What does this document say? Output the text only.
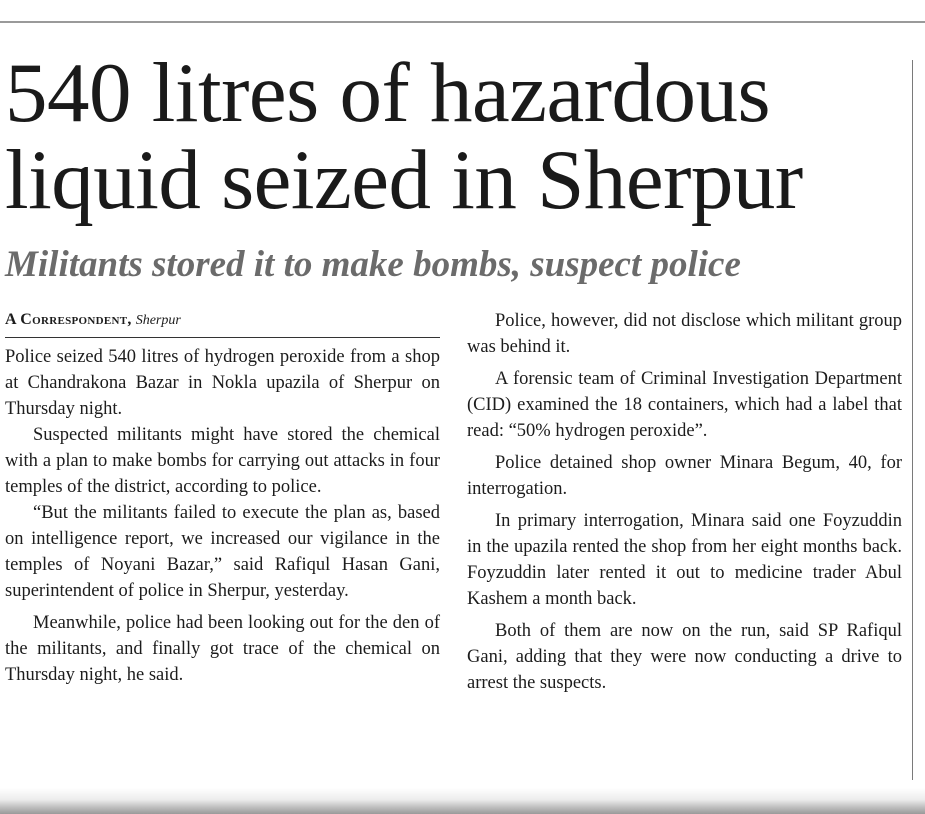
540 litres of hazardous liquid seized in Sherpur
Militants stored it to make bombs, suspect police
A Correspondent, Sherpur

Police seized 540 litres of hydrogen peroxide from a shop at Chandrakona Bazar in Nokla upazila of Sherpur on Thursday night.

Suspected militants might have stored the chemical with a plan to make bombs for carrying out attacks in four temples of the district, according to police.

“But the militants failed to execute the plan as, based on intelligence report, we increased our vigilance in the temples of Noyani Bazar,” said Rafiqul Hasan Gani, superintendent of police in Sherpur, yesterday.

Meanwhile, police had been looking out for the den of the militants, and finally got trace of the chemical on Thursday night, he said.

Police, however, did not disclose which militant group was behind it.

A forensic team of Criminal Investigation Department (CID) examined the 18 containers, which had a label that read: “50% hydrogen peroxide”.

Police detained shop owner Minara Begum, 40, for interrogation.

In primary interrogation, Minara said one Foyzuddin in the upazila rented the shop from her eight months back. Foyzuddin later rented it out to medicine trader Abul Kashem a month back.

Both of them are now on the run, said SP Rafiqul Gani, adding that they were now conducting a drive to arrest the suspects.
